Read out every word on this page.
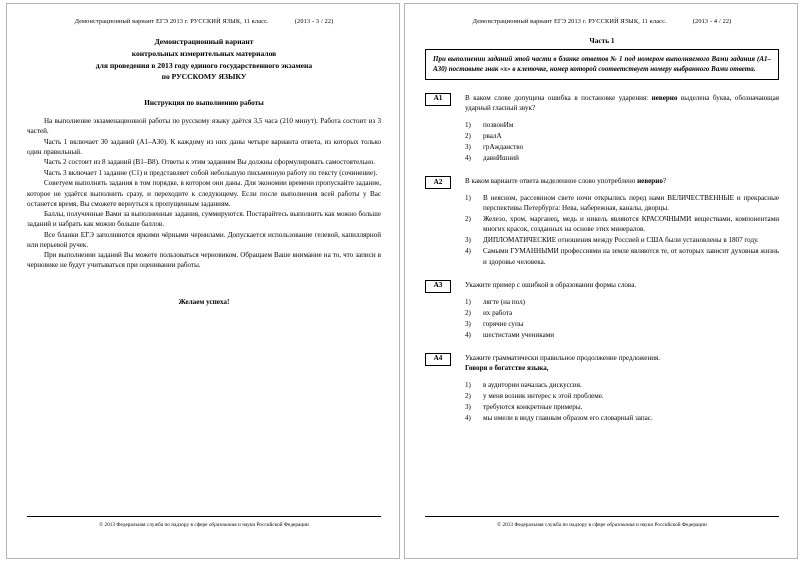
Демонстрационный вариант ЕГЭ 2013 г. РУССКИЙ ЯЗЫК, 11 класс.	(2013 - 3 / 22)
Демонстрационный вариант
контрольных измерительных материалов
для проведения в 2013 году единого государственного экзамена
по РУССКОМУ ЯЗЫКУ
Инструкция по выполнению работы

На выполнение экзаменационной работы по русскому языку даётся 3,5 часа (210 минут). Работа состоит из 3 частей.

Часть 1 включает 30 заданий (А1–А30). К каждому из них даны четыре варианта ответа, из которых только один правильный.

Часть 2 состоит из 8 заданий (В1–В8). Ответы к этим заданиям Вы должны сформулировать самостоятельно.

Часть 3 включает 1 задание (С1) и представляет собой небольшую письменную работу по тексту (сочинение).

Советуем выполнять задания в том порядке, в котором они даны. Для экономии времени пропускайте задание, которое не удаётся выполнить сразу, и переходите к следующему. Если после выполнения всей работы у Вас останется время, Вы сможете вернуться к пропущенным заданиям.

Баллы, полученные Вами за выполненные задания, суммируются. Постарайтесь выполнить как можно больше заданий и набрать как можно больше баллов.

Все бланки ЕГЭ заполняются яркими чёрными чернилами. Допускается использование гелевой, капиллярной или перьевой ручек.

При выполнении заданий Вы можете пользоваться черновиком. Обращаем Ваше внимание на то, что записи в черновике не будут учитываться при оценивании работы.

Желаем успеха!
© 2013 Федеральная служба по надзору в сфере образования и науки Российской Федерации
Демонстрационный вариант ЕГЭ 2013 г. РУССКИЙ ЯЗЫК, 11 класс.	(2013 - 4 / 22)
Часть 1

При выполнении заданий этой части в бланке ответов № 1 под номером выполняемого Вами задания (А1–А30) поставьте знак «х» в клеточке, номер которой соответствует номеру выбранного Вами ответа.

А1	В каком слове допущена ошибка в постановке ударения: неверно выделена буква, обозначающая ударный гласный звук?

1) позвонИм
2) рвалА
3) грАжданство
4) давнИшний
А2	В каком варианте ответа выделенное слово употреблено неверно?

1) В неясном, рассеянном свете ночи открылись перед нами ВЕЛИЧЕСТВЕННЫЕ и прекрасные перспективы Петербурга: Нева, набережная, каналы, дворцы.
2) Железо, хром, марганец, медь и никель являются КРАСОЧНЫМИ веществами, компонентами многих красок, созданных на основе этих минералов.
3) ДИПЛОМАТИЧЕСКИЕ отношения между Россией и США были установлены в 1807 году.
4) Самыми ГУМАННЫМИ профессиями на земле являются те, от которых зависит духовная жизнь и здоровье человека.
А3	Укажите пример с ошибкой в образовании формы слова.

1) лягте (на пол)
2) их работа
3) горячие супы
4) шестистами учениками
А4	Укажите грамматически правильное продолжение предложения.

Говоря о богатстве языка,

1) в аудитории началась дискуссия.
2) у меня возник интерес к этой проблеме.
3) требуются конкретные примеры.
4) мы имели в виду главным образом его словарный запас.
© 2013 Федеральная служба по надзору в сфере образования и науки Российской Федерации
